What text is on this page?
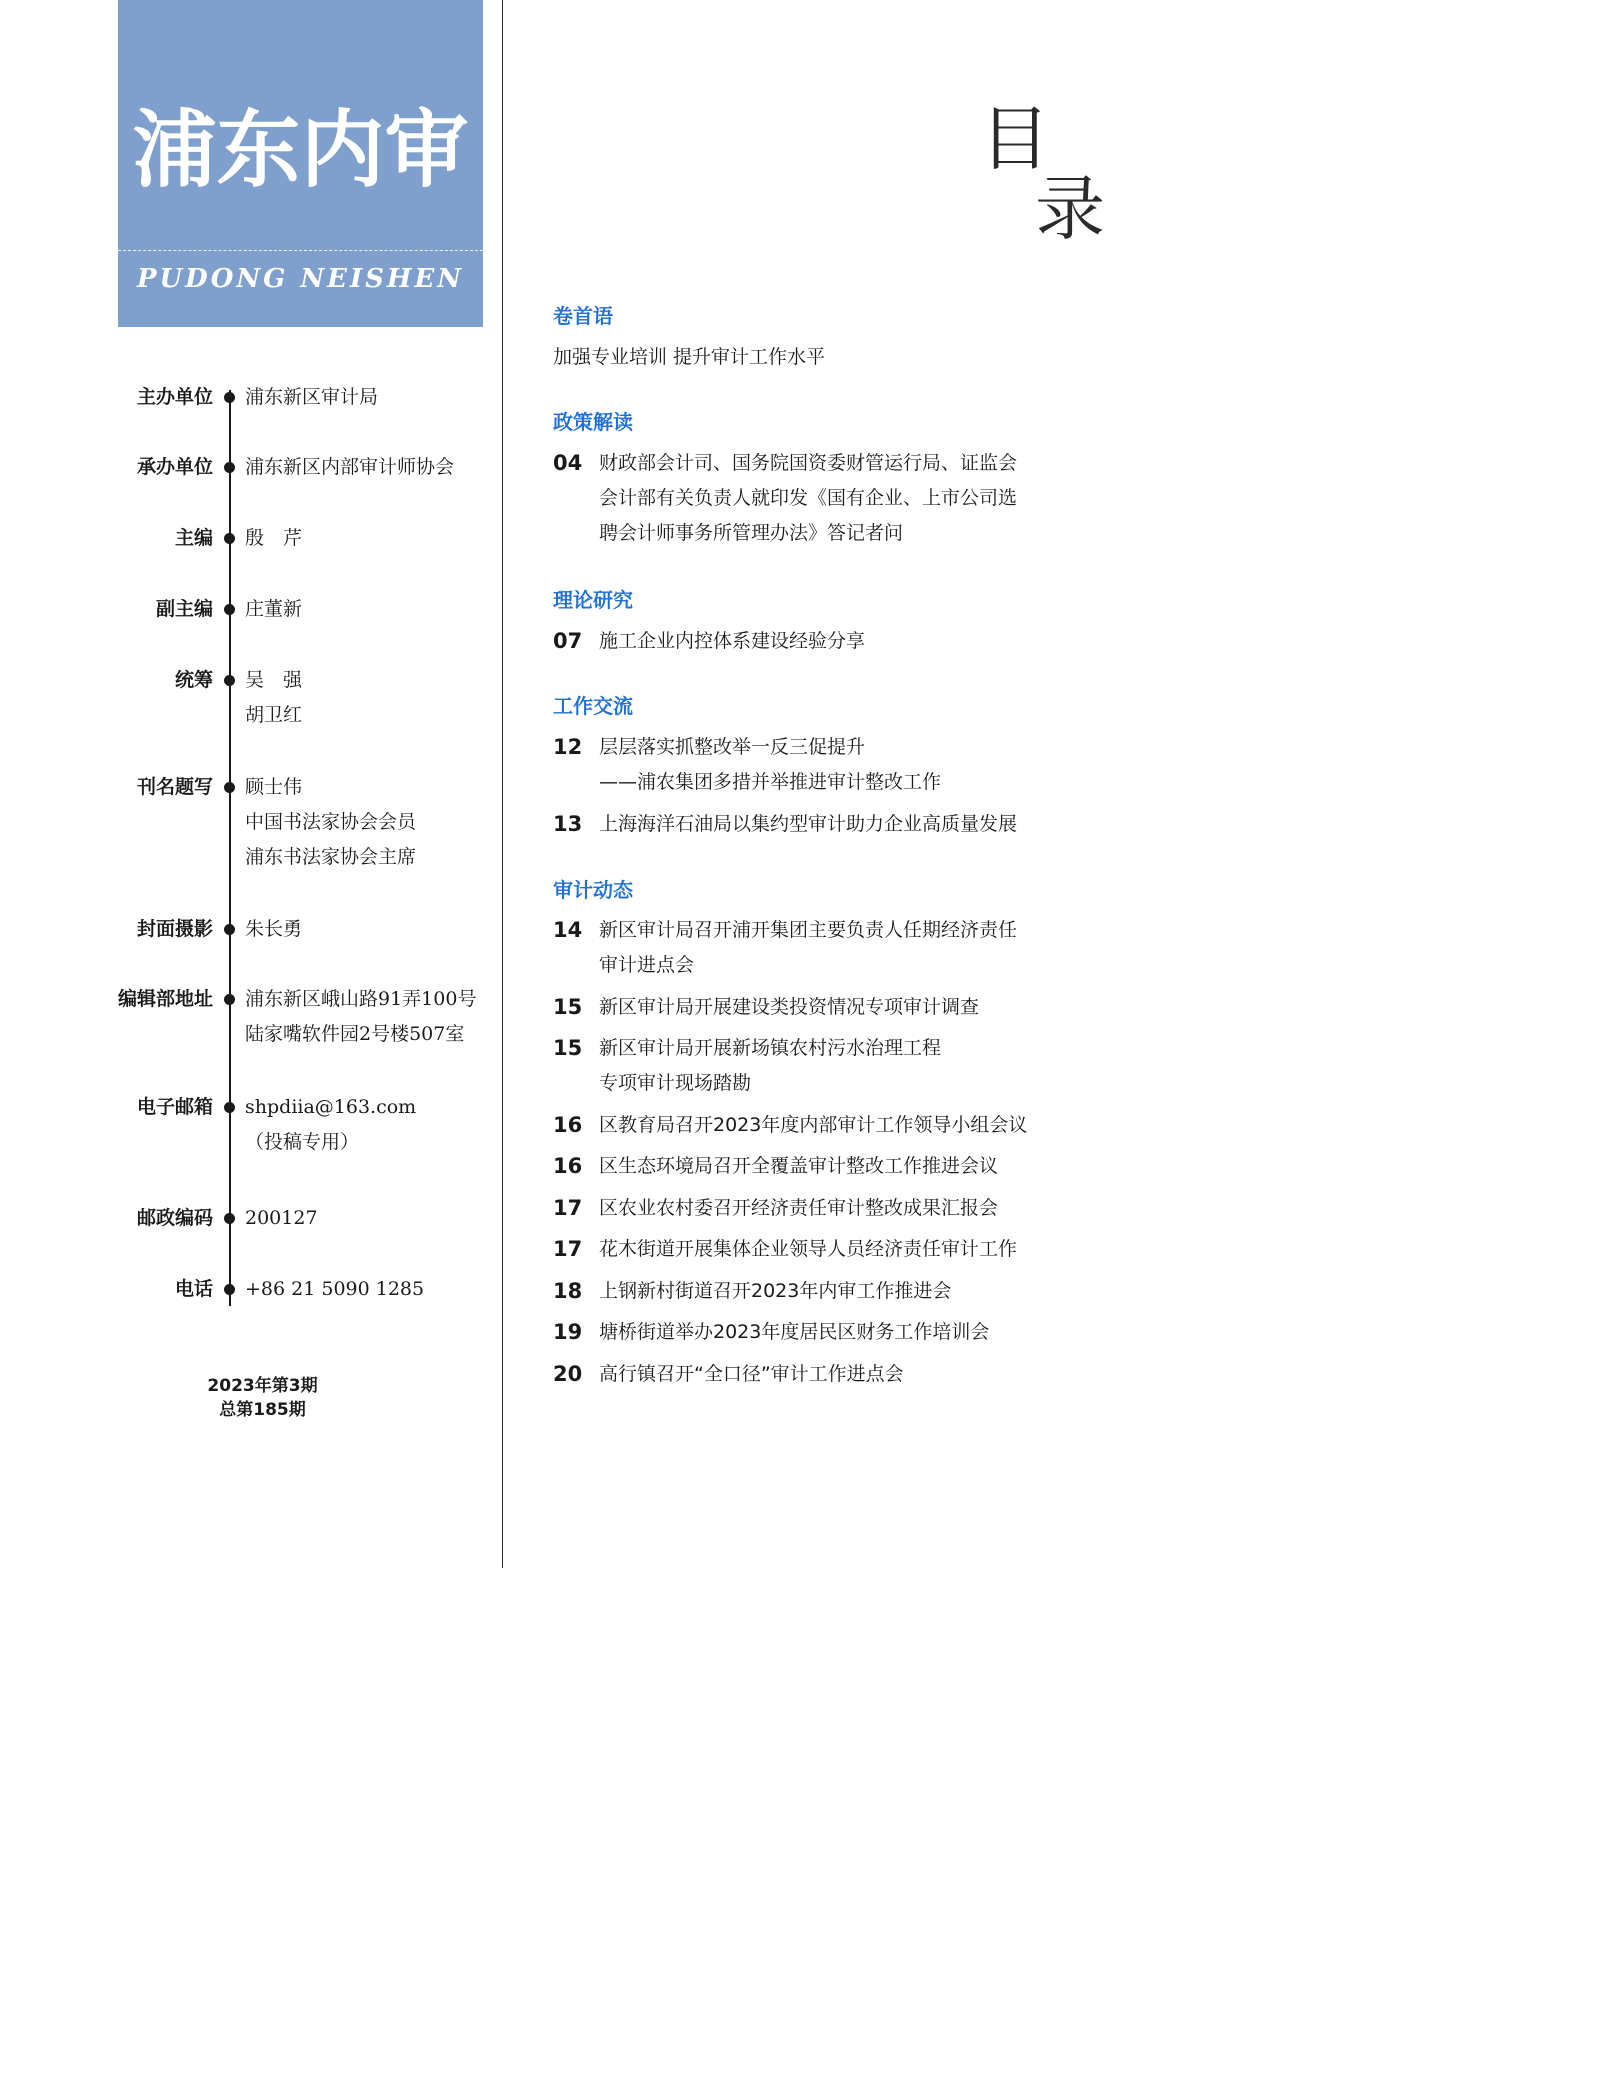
浦东内审
PUDONG NEISHEN
主办单位 浦东新区审计局
承办单位 浦东新区内部审计师协会
主编 殷　芹
副主编 庄董新
统筹 吴　强
胡卫红
刊名题写 顾士伟
中国书法家协会会员
浦东书法家协会主席
封面摄影 朱长勇
编辑部地址 浦东新区峨山路91弄100号
陆家嘴软件园2号楼507室
电子邮箱 shpdiia@163.com
（投稿专用）
邮政编码 200127
电话 +86 21 5090 1285
2023年第3期
总第185期
目
录
卷首语
加强专业培训 提升审计工作水平
政策解读
04 财政部会计司、国务院国资委财管运行局、证监会
会计部有关负责人就印发《国有企业、上市公司选
聘会计师事务所管理办法》答记者问
理论研究
07 施工企业内控体系建设经验分享
工作交流
12 层层落实抓整改举一反三促提升
——浦农集团多措并举推进审计整改工作
13 上海海洋石油局以集约型审计助力企业高质量发展
审计动态
14 新区审计局召开浦开集团主要负责人任期经济责任
审计进点会
15 新区审计局开展建设类投资情况专项审计调查
15 新区审计局开展新场镇农村污水治理工程
专项审计现场踏勘
16 区教育局召开2023年度内部审计工作领导小组会议
16 区生态环境局召开全覆盖审计整改工作推进会议
17 区农业农村委召开经济责任审计整改成果汇报会
17 花木街道开展集体企业领导人员经济责任审计工作
18 上钢新村街道召开2023年内审工作推进会
19 塘桥街道举办2023年度居民区财务工作培训会
20 高行镇召开“全口径”审计工作进点会
